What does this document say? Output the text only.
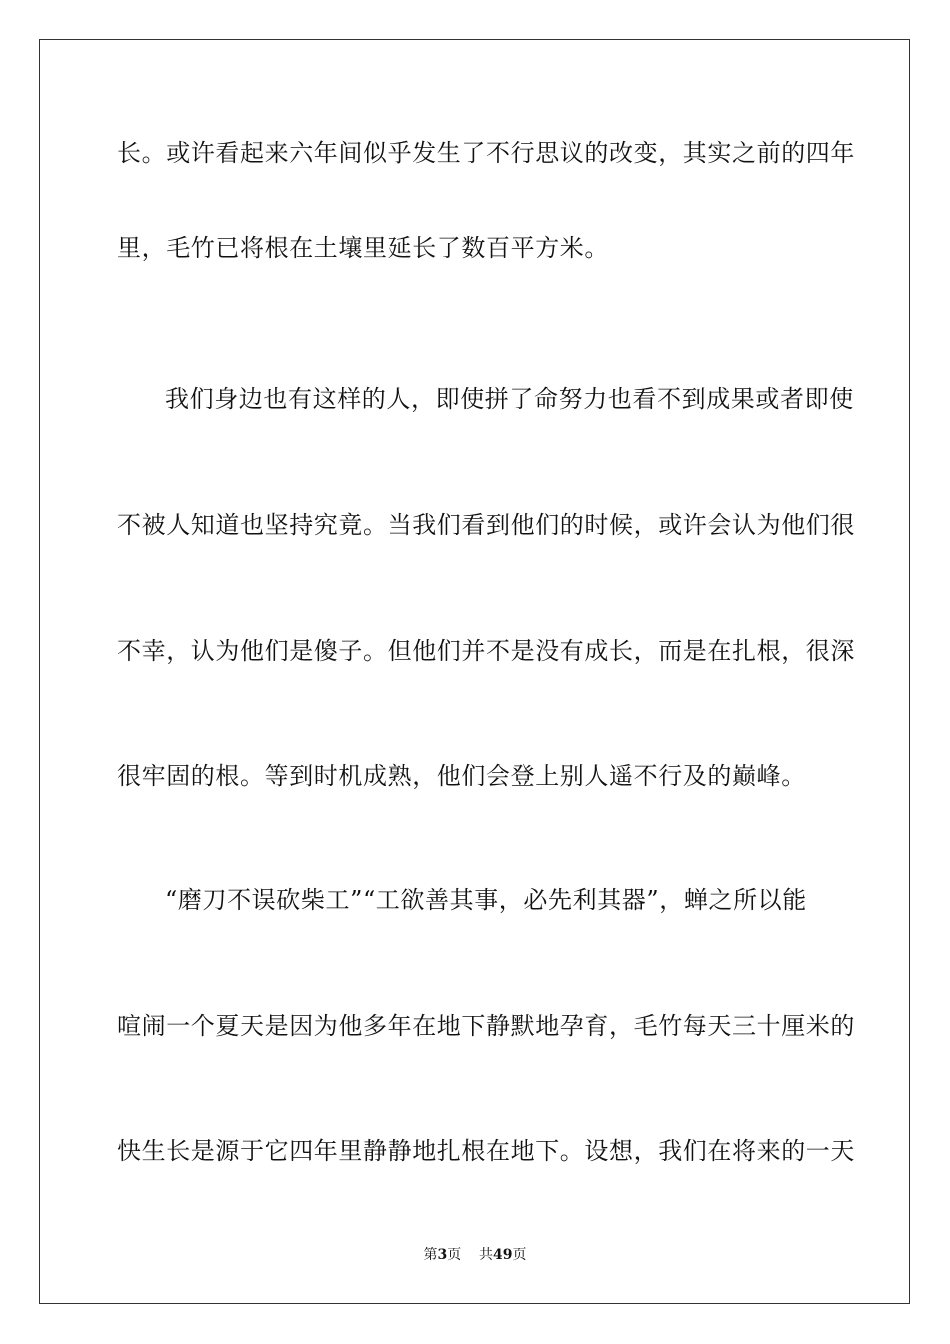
长。或许看起来六年间似乎发生了不行思议的改变，其实之前的四年
里，毛竹已将根在土壤里延长了数百平方米。
我们身边也有这样的人，即使拼了命努力也看不到成果或者即使
不被人知道也坚持究竟。当我们看到他们的时候，或许会认为他们很
不幸，认为他们是傻子。但他们并不是没有成长，而是在扎根，很深
很牢固的根。等到时机成熟，他们会登上别人遥不行及的巅峰。
“磨刀不误砍柴工”“工欲善其事，必先利其器”，蝉之所以能
喧闹一个夏天是因为他多年在地下静默地孕育，毛竹每天三十厘米的
快生长是源于它四年里静静地扎根在地下。设想，我们在将来的一天
第3页 共49页
